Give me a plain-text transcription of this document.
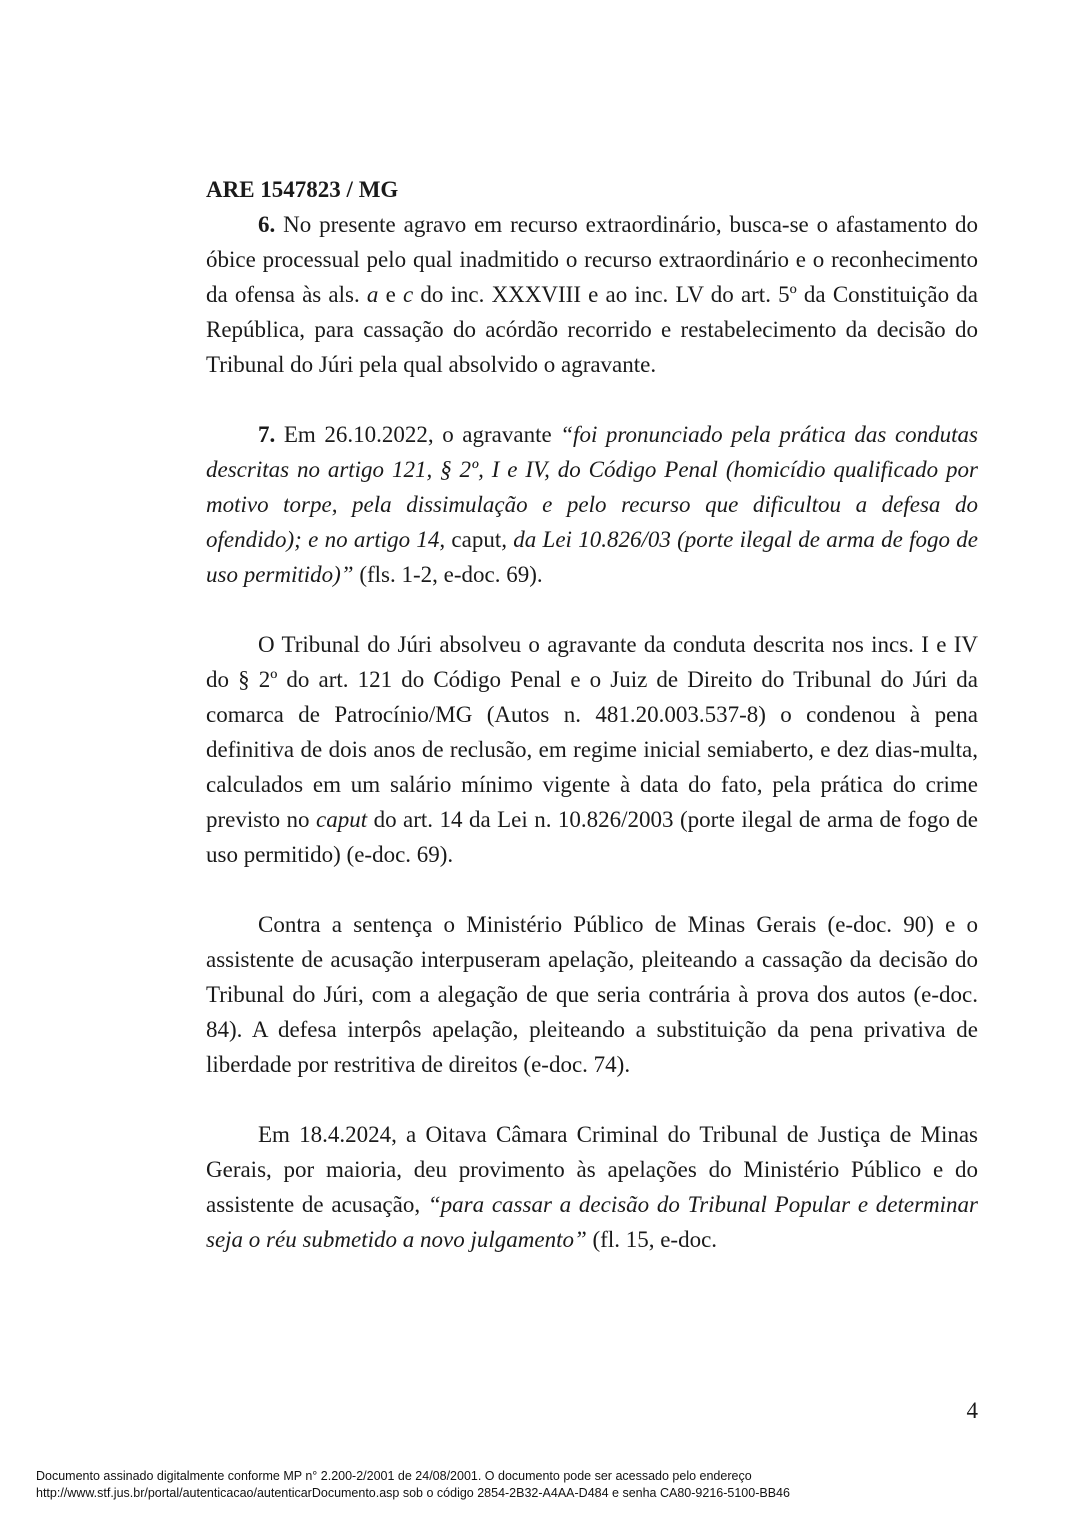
ARE 1547823 / MG

6. No presente agravo em recurso extraordinário, busca-se o afastamento do óbice processual pelo qual inadmitido o recurso extraordinário e o reconhecimento da ofensa às als. a e c do inc. XXXVIII e ao inc. LV do art. 5º da Constituição da República, para cassação do acórdão recorrido e restabelecimento da decisão do Tribunal do Júri pela qual absolvido o agravante.

7. Em 26.10.2022, o agravante “foi pronunciado pela prática das condutas descritas no artigo 121, § 2º, I e IV, do Código Penal (homicídio qualificado por motivo torpe, pela dissimulação e pelo recurso que dificultou a defesa do ofendido); e no artigo 14, caput, da Lei 10.826/03 (porte ilegal de arma de fogo de uso permitido)” (fls. 1-2, e-doc. 69).

O Tribunal do Júri absolveu o agravante da conduta descrita nos incs. I e IV do § 2º do art. 121 do Código Penal e o Juiz de Direito do Tribunal do Júri da comarca de Patrocínio/MG (Autos n. 481.20.003.537-8) o condenou à pena definitiva de dois anos de reclusão, em regime inicial semiaberto, e dez dias-multa, calculados em um salário mínimo vigente à data do fato, pela prática do crime previsto no caput do art. 14 da Lei n. 10.826/2003 (porte ilegal de arma de fogo de uso permitido) (e-doc. 69).

Contra a sentença o Ministério Público de Minas Gerais (e-doc. 90) e o assistente de acusação interpuseram apelação, pleiteando a cassação da decisão do Tribunal do Júri, com a alegação de que seria contrária à prova dos autos (e-doc. 84). A defesa interpôs apelação, pleiteando a substituição da pena privativa de liberdade por restritiva de direitos (e-doc. 74).

Em 18.4.2024, a Oitava Câmara Criminal do Tribunal de Justiça de Minas Gerais, por maioria, deu provimento às apelações do Ministério Público e do assistente de acusação, “para cassar a decisão do Tribunal Popular e determinar seja o réu submetido a novo julgamento” (fl. 15, e-doc.

4
Documento assinado digitalmente conforme MP n° 2.200-2/2001 de 24/08/2001. O documento pode ser acessado pelo endereço
http://www.stf.jus.br/portal/autenticacao/autenticarDocumento.asp sob o código 2854-2B32-A4AA-D484 e senha CA80-9216-5100-BB46
